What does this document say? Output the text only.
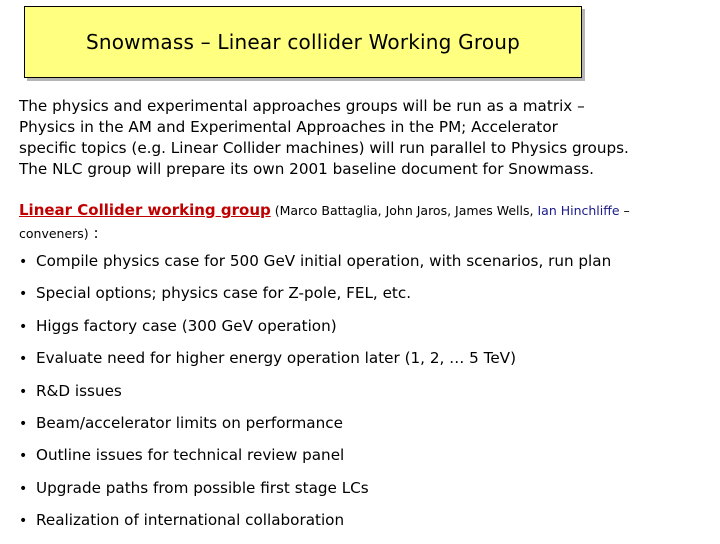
Snowmass – Linear collider Working Group

The physics and experimental approaches groups will be run as a matrix –
Physics in the AM and Experimental Approaches in the PM; Accelerator
specific topics (e.g. Linear Collider machines) will run parallel to Physics groups.
The NLC group will prepare its own 2001 baseline document for Snowmass.

Linear Collider working group (Marco Battaglia, John Jaros, James Wells, Ian Hinchliffe –
conveners) :

• Compile physics case for 500 GeV initial operation, with scenarios, run plan
• Special options; physics case for Z-pole, FEL, etc.
• Higgs factory case (300 GeV operation)
• Evaluate need for higher energy operation later (1, 2, … 5 TeV)
• R&D issues
• Beam/accelerator limits on performance
• Outline issues for technical review panel
• Upgrade paths from possible first stage LCs
• Realization of international collaboration
